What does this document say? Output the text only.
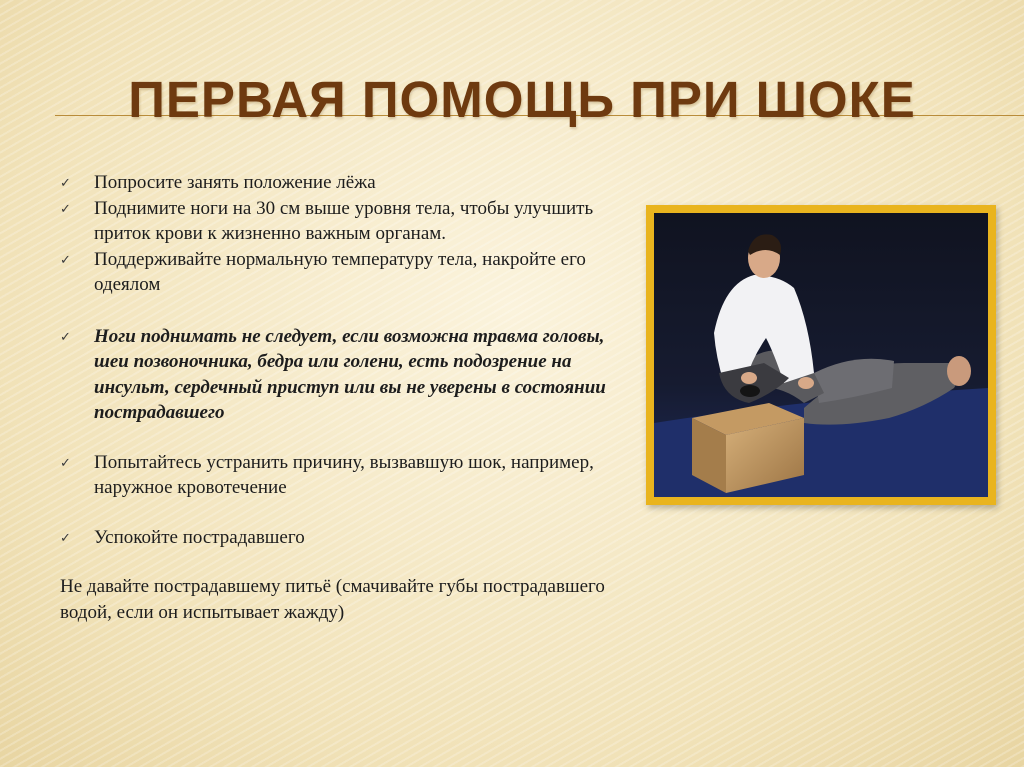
ПЕРВАЯ ПОМОЩЬ ПРИ ШОКЕ
✓ Попросите занять положение лёжа
✓ Поднимите ноги на 30 см выше уровня тела, чтобы улучшить приток крови к жизненно важным органам.
✓ Поддерживайте нормальную температуру тела, накройте его одеялом
✓ Ноги поднимать не следует, если возможна травма головы, шеи позвоночника, бедра или голени, есть подозрение на инсульт, сердечный приступ или вы не уверены в состоянии пострадавшего
✓ Попытайтесь устранить причину, вызвавшую шок, например, наружное кровотечение
✓ Успокойте пострадавшего
Не давайте пострадавшему питьё (смачивайте губы пострадавшего водой, если он испытывает жажду)
